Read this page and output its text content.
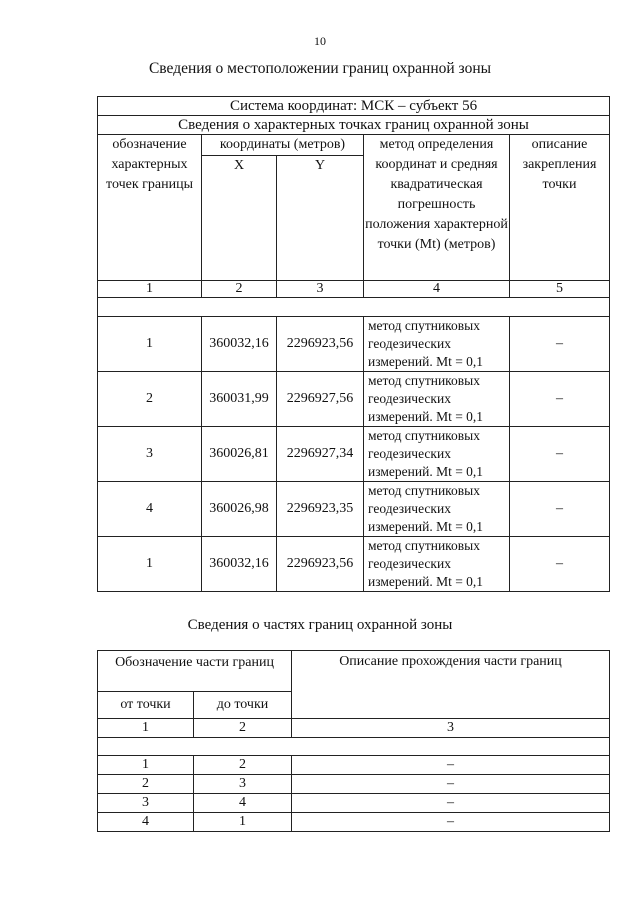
10
Сведения о местоположении границ охранной зоны
Система координат: МСК – субъект 56				
Сведения о характерных точках границ охранной зоны				
обозначение характерных точек границы	координаты (метров)		метод определения координат и средняя квадратическая погрешность положения характерной точки (Mt) (метров)	описание закрепления точки
	X	Y		
1	2	3	4	5

1	360032,16	2296923,56	метод спутниковых геодезических измерений. Mt = 0,1	–
2	360031,99	2296927,56	метод спутниковых геодезических измерений. Mt = 0,1	–
3	360026,81	2296927,34	метод спутниковых геодезических измерений. Mt = 0,1	–
4	360026,98	2296923,35	метод спутниковых геодезических измерений. Mt = 0,1	–
1	360032,16	2296923,56	метод спутниковых геодезических измерений. Mt = 0,1	–
Сведения о частях границ охранной зоны
Обозначение части границ		Описание прохождения части границ
от точки	до точки	
1	2	3

1	2	–
2	3	–
3	4	–
4	1	–
